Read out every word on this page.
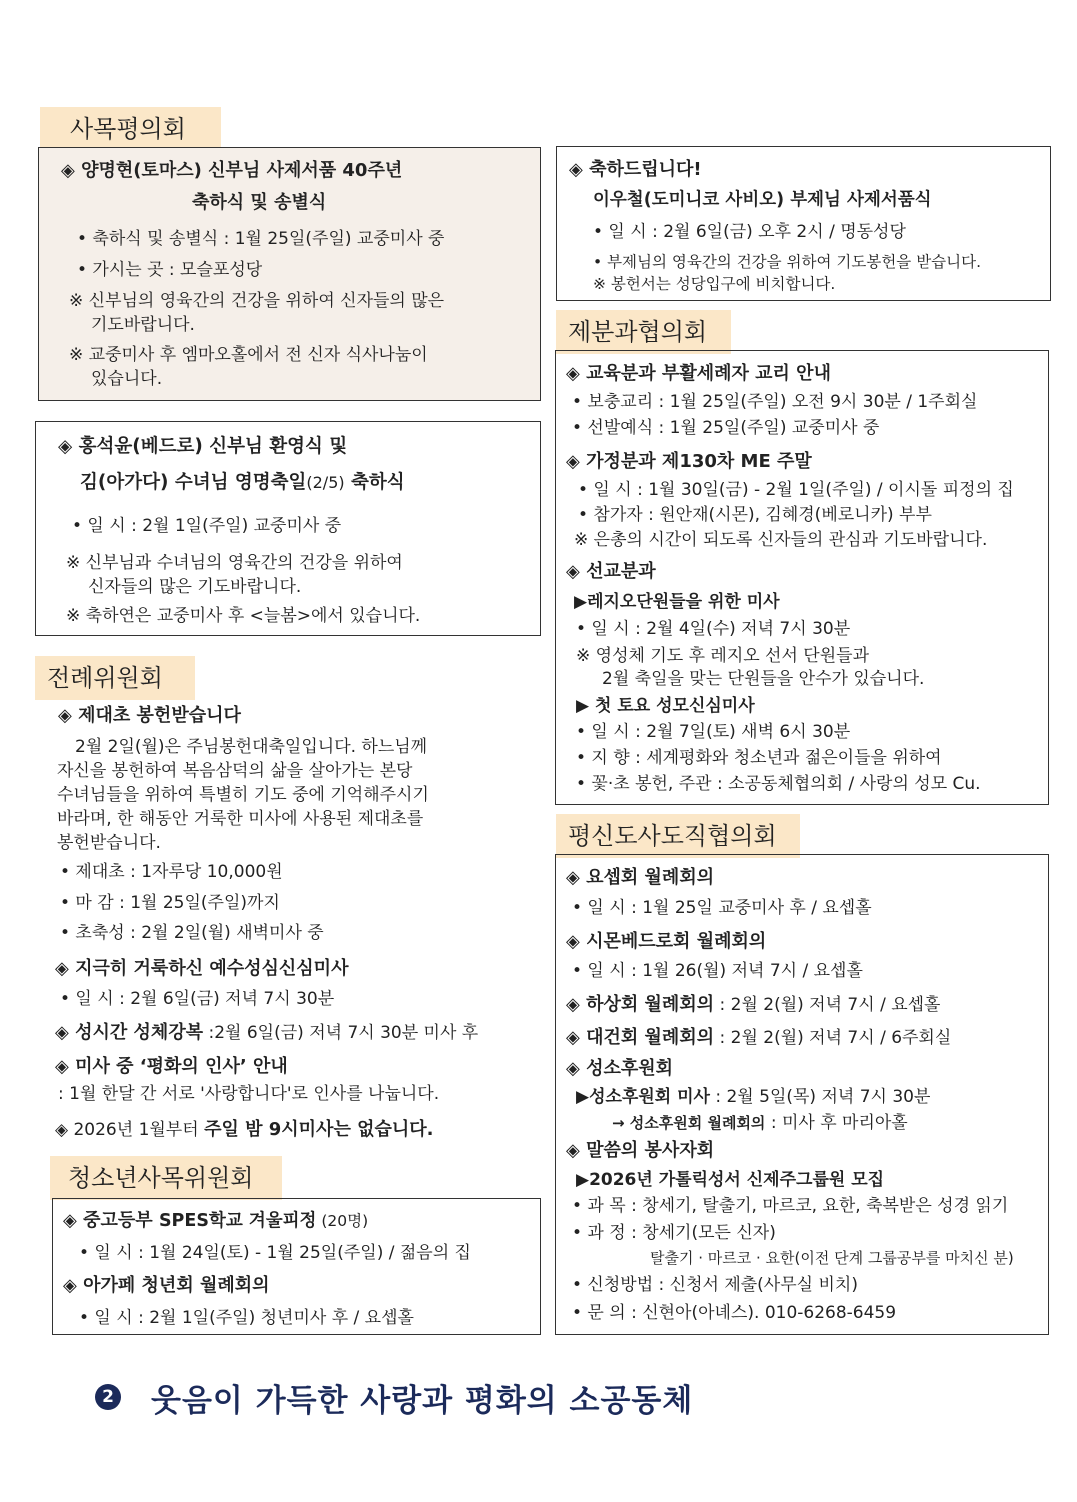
사목평의회
◈ 양명현(토마스) 신부님 사제서품 40주년
축하식 및 송별식
• 축하식 및 송별식 : 1월 25일(주일) 교중미사 중
• 가시는 곳 : 모슬포성당
※ 신부님의 영육간의 건강을 위하여 신자들의 많은
기도바랍니다.
※ 교중미사 후 엠마오홀에서 전 신자 식사나눔이
있습니다.
◈ 홍석윤(베드로) 신부님 환영식 및
김(아가다) 수녀님 영명축일(2/5) 축하식
• 일 시 : 2월 1일(주일) 교중미사 중
※ 신부님과 수녀님의 영육간의 건강을 위하여
신자들의 많은 기도바랍니다.
※ 축하연은 교중미사 후 <늘봄>에서 있습니다.
전례위원회
◈ 제대초 봉헌받습니다
2월 2일(월)은 주님봉헌대축일입니다. 하느님께
자신을 봉헌하여 복음삼덕의 삶을 살아가는 본당
수녀님들을 위하여 특별히 기도 중에 기억해주시기
바라며, 한 해동안 거룩한 미사에 사용된 제대초를
봉헌받습니다.
• 제대초 : 1자루당 10,000원
• 마 감 : 1월 25일(주일)까지
• 초축성 : 2월 2일(월) 새벽미사 중
◈ 지극히 거룩하신 예수성심신심미사
• 일 시 : 2월 6일(금) 저녁 7시 30분
◈ 성시간 성체강복 :2월 6일(금) 저녁 7시 30분 미사 후
◈ 미사 중 ‘평화의 인사’ 안내
: 1월 한달 간 서로 '사랑합니다'로 인사를 나눕니다.
◈ 2026년 1월부터 주일 밤 9시미사는 없습니다.
청소년사목위원회
◈ 중고등부 SPES학교 겨울피정 (20명)
• 일 시 : 1월 24일(토) - 1월 25일(주일) / 젊음의 집
◈ 아가페 청년회 월례회의
• 일 시 : 2월 1일(주일) 청년미사 후 / 요셉홀
◈ 축하드립니다!
이우철(도미니코 사비오) 부제님 사제서품식
• 일 시 : 2월 6일(금) 오후 2시 / 명동성당
• 부제님의 영육간의 건강을 위하여 기도봉헌을 받습니다.
※ 봉헌서는 성당입구에 비치합니다.
제분과협의회
◈ 교육분과 부활세례자 교리 안내
• 보충교리 : 1월 25일(주일) 오전 9시 30분 / 1주회실
• 선발예식 : 1월 25일(주일) 교중미사 중
◈ 가정분과 제130차 ME 주말
• 일 시 : 1월 30일(금) - 2월 1일(주일) / 이시돌 피정의 집
• 참가자 : 원안재(시몬), 김혜경(베로니카) 부부
※ 은총의 시간이 되도록 신자들의 관심과 기도바랍니다.
◈ 선교분과
▶레지오단원들을 위한 미사
• 일 시 : 2월 4일(수) 저녁 7시 30분
※ 영성체 기도 후 레지오 선서 단원들과
2월 축일을 맞는 단원들을 안수가 있습니다.
▶ 첫 토요 성모신심미사
• 일 시 : 2월 7일(토) 새벽 6시 30분
• 지 향 : 세계평화와 청소년과 젊은이들을 위하여
• 꽃·초 봉헌, 주관 : 소공동체협의회 / 사랑의 성모 Cu.
평신도사도직협의회
◈ 요셉회 월례회의
• 일 시 : 1월 25일 교중미사 후 / 요셉홀
◈ 시몬베드로회 월례회의
• 일 시 : 1월 26(월) 저녁 7시 / 요셉홀
◈ 하상회 월례회의 : 2월 2(월) 저녁 7시 / 요셉홀
◈ 대건회 월례회의 : 2월 2(월) 저녁 7시 / 6주회실
◈ 성소후원회
▶성소후원회 미사 : 2월 5일(목) 저녁 7시 30분
→ 성소후원회 월례회의 : 미사 후 마리아홀
◈ 말씀의 봉사자회
▶2026년 가톨릭성서 신제주그룹원 모집
• 과 목 : 창세기, 탈출기, 마르코, 요한, 축복받은 성경 읽기
• 과 정 : 창세기(모든 신자)
탈출기 · 마르코 · 요한(이전 단계 그룹공부를 마치신 분)
• 신청방법 : 신청서 제출(사무실 비치)
• 문 의 : 신현아(아녜스). 010-6268-6459
2 웃음이 가득한 사랑과 평화의 소공동체
